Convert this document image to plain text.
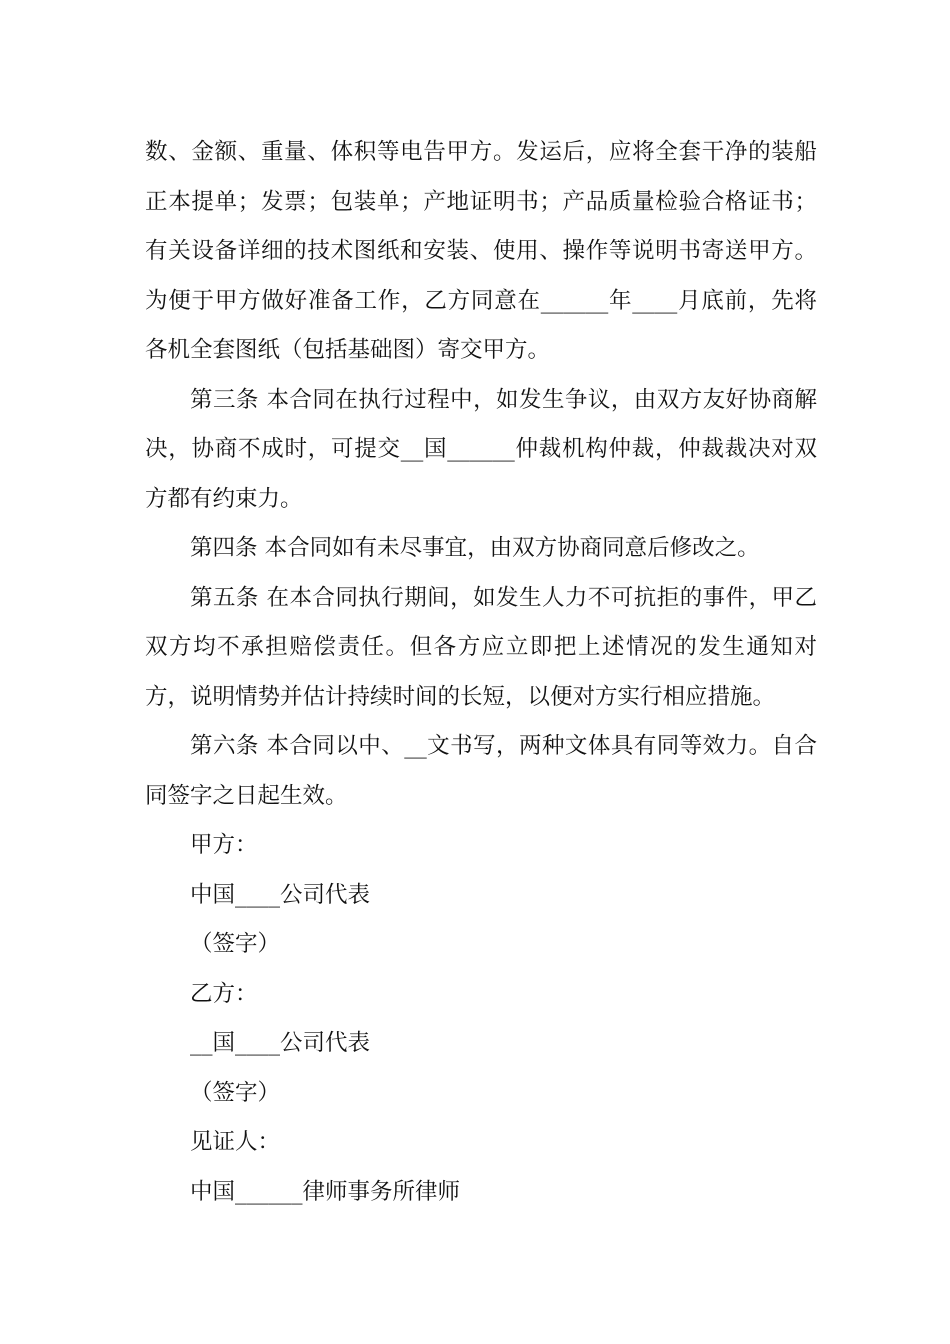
数、金额、重量、体积等电告甲方。发运后，应将全套干净的装船正本提单；发票；包装单；产地证明书；产品质量检验合格证书；有关设备详细的技术图纸和安装、使用、操作等说明书寄送甲方。为便于甲方做好准备工作，乙方同意在______年____月底前，先将各机全套图纸（包括基础图）寄交甲方。

第三条 本合同在执行过程中，如发生争议，由双方友好协商解决，协商不成时，可提交__国______仲裁机构仲裁，仲裁裁决对双方都有约束力。

第四条 本合同如有未尽事宜，由双方协商同意后修改之。

第五条 在本合同执行期间，如发生人力不可抗拒的事件，甲乙双方均不承担赔偿责任。但各方应立即把上述情况的发生通知对方，说明情势并估计持续时间的长短，以便对方实行相应措施。

第六条 本合同以中、__文书写，两种文体具有同等效力。自合同签字之日起生效。

甲方：

中国____公司代表

（签字）

乙方：

__国____公司代表

（签字）

见证人：

中国______律师事务所律师
